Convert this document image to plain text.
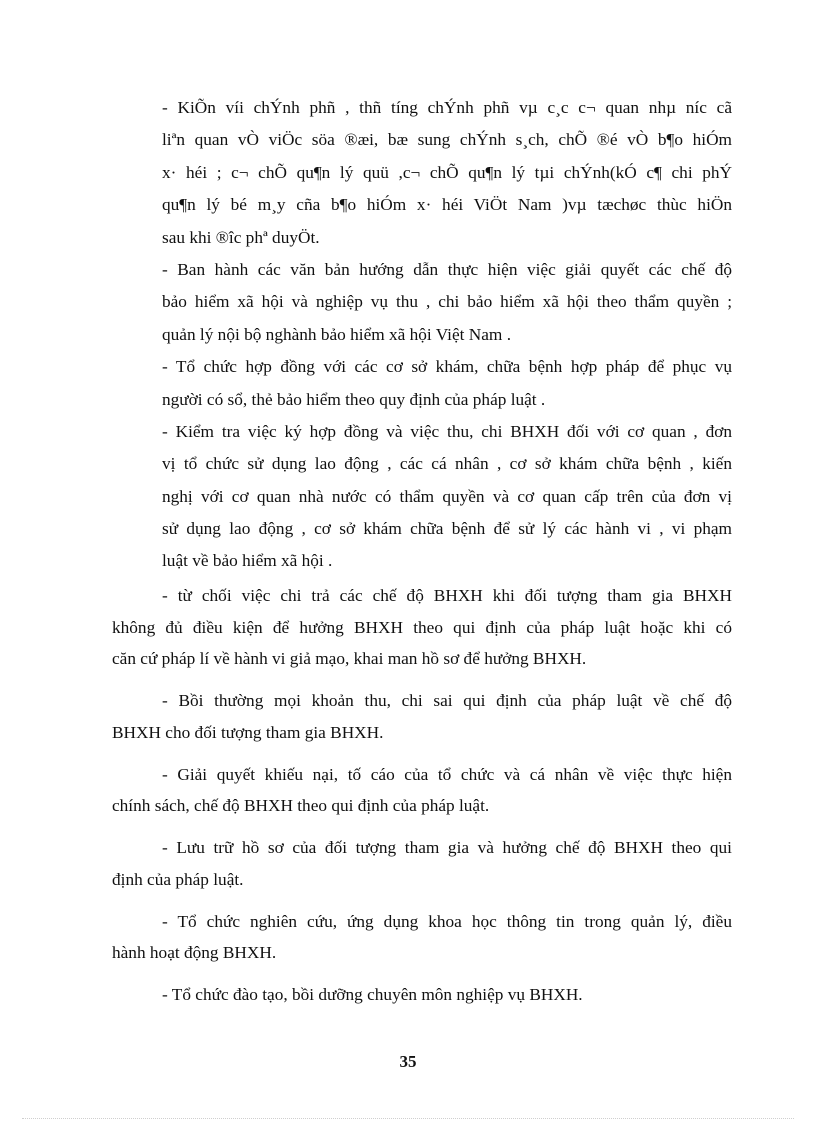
- KiÕn víi chÝnh phñ , thñ tíng chÝnh phñ vµ c¸c c¬ quan nhµ níc cã
liªn quan vÒ viÖc söa ®æi, bæ sung chÝnh s¸ch, chÕ ®é vÒ b¶o hiÓm
x· héi ; c¬ chÕ qu¶n lý quü ,c¬ chÕ qu¶n lý tµi chÝnh(kÓ c¶ chi phÝ
qu¶n lý bé m¸y cña b¶o hiÓm x· héi ViÖt Nam )vµ tæchøc thùc hiÖn
sau khi ®îc phª duyÖt.
- Ban hành các văn bản hướng dẫn thực hiện việc giải quyết các chế độ
bảo hiểm xã hội và nghiệp vụ thu , chi bảo hiểm xã hội theo thẩm quyền ;
quản lý nội bộ nghành bảo hiểm xã hội Việt Nam .
- Tổ chức hợp đồng với các cơ sở khám, chữa bệnh hợp pháp để phục vụ
người có sổ, thẻ bảo hiểm theo quy định của pháp luật .
- Kiểm tra việc ký hợp đồng và việc thu, chi BHXH đối với cơ quan , đơn
vị tổ chức sử dụng lao động , các cá nhân , cơ sở khám chữa bệnh , kiến
nghị với cơ quan nhà nước có thẩm quyền và cơ quan cấp trên của đơn vị
sử dụng lao động , cơ sở khám chữa bệnh để sử lý các hành vi , vi phạm
luật về bảo hiểm xã hội .
- từ chối việc chi trả các chế độ BHXH khi đối tượng tham gia BHXH
không đủ điều kiện để hưởng BHXH theo qui định của pháp luật hoặc khi có
căn cứ pháp lí về hành vi giả mạo, khai man hồ sơ để hưởng BHXH.
- Bồi thường mọi khoản thu, chi sai qui định của pháp luật về chế độ
BHXH cho đối tượng tham gia BHXH.
- Giải quyết khiếu nại, tố cáo của tổ chức và cá nhân về việc thực hiện
chính sách, chế độ BHXH theo qui định của pháp luật.
- Lưu trữ hồ sơ của đối tượng tham gia và hưởng chế độ BHXH theo qui
định của pháp luật.
- Tổ chức nghiên cứu, ứng dụng khoa học thông tin trong quản lý, điều
hành hoạt động BHXH.
- Tổ chức đào tạo, bồi dưỡng chuyên môn nghiệp vụ BHXH.
35
